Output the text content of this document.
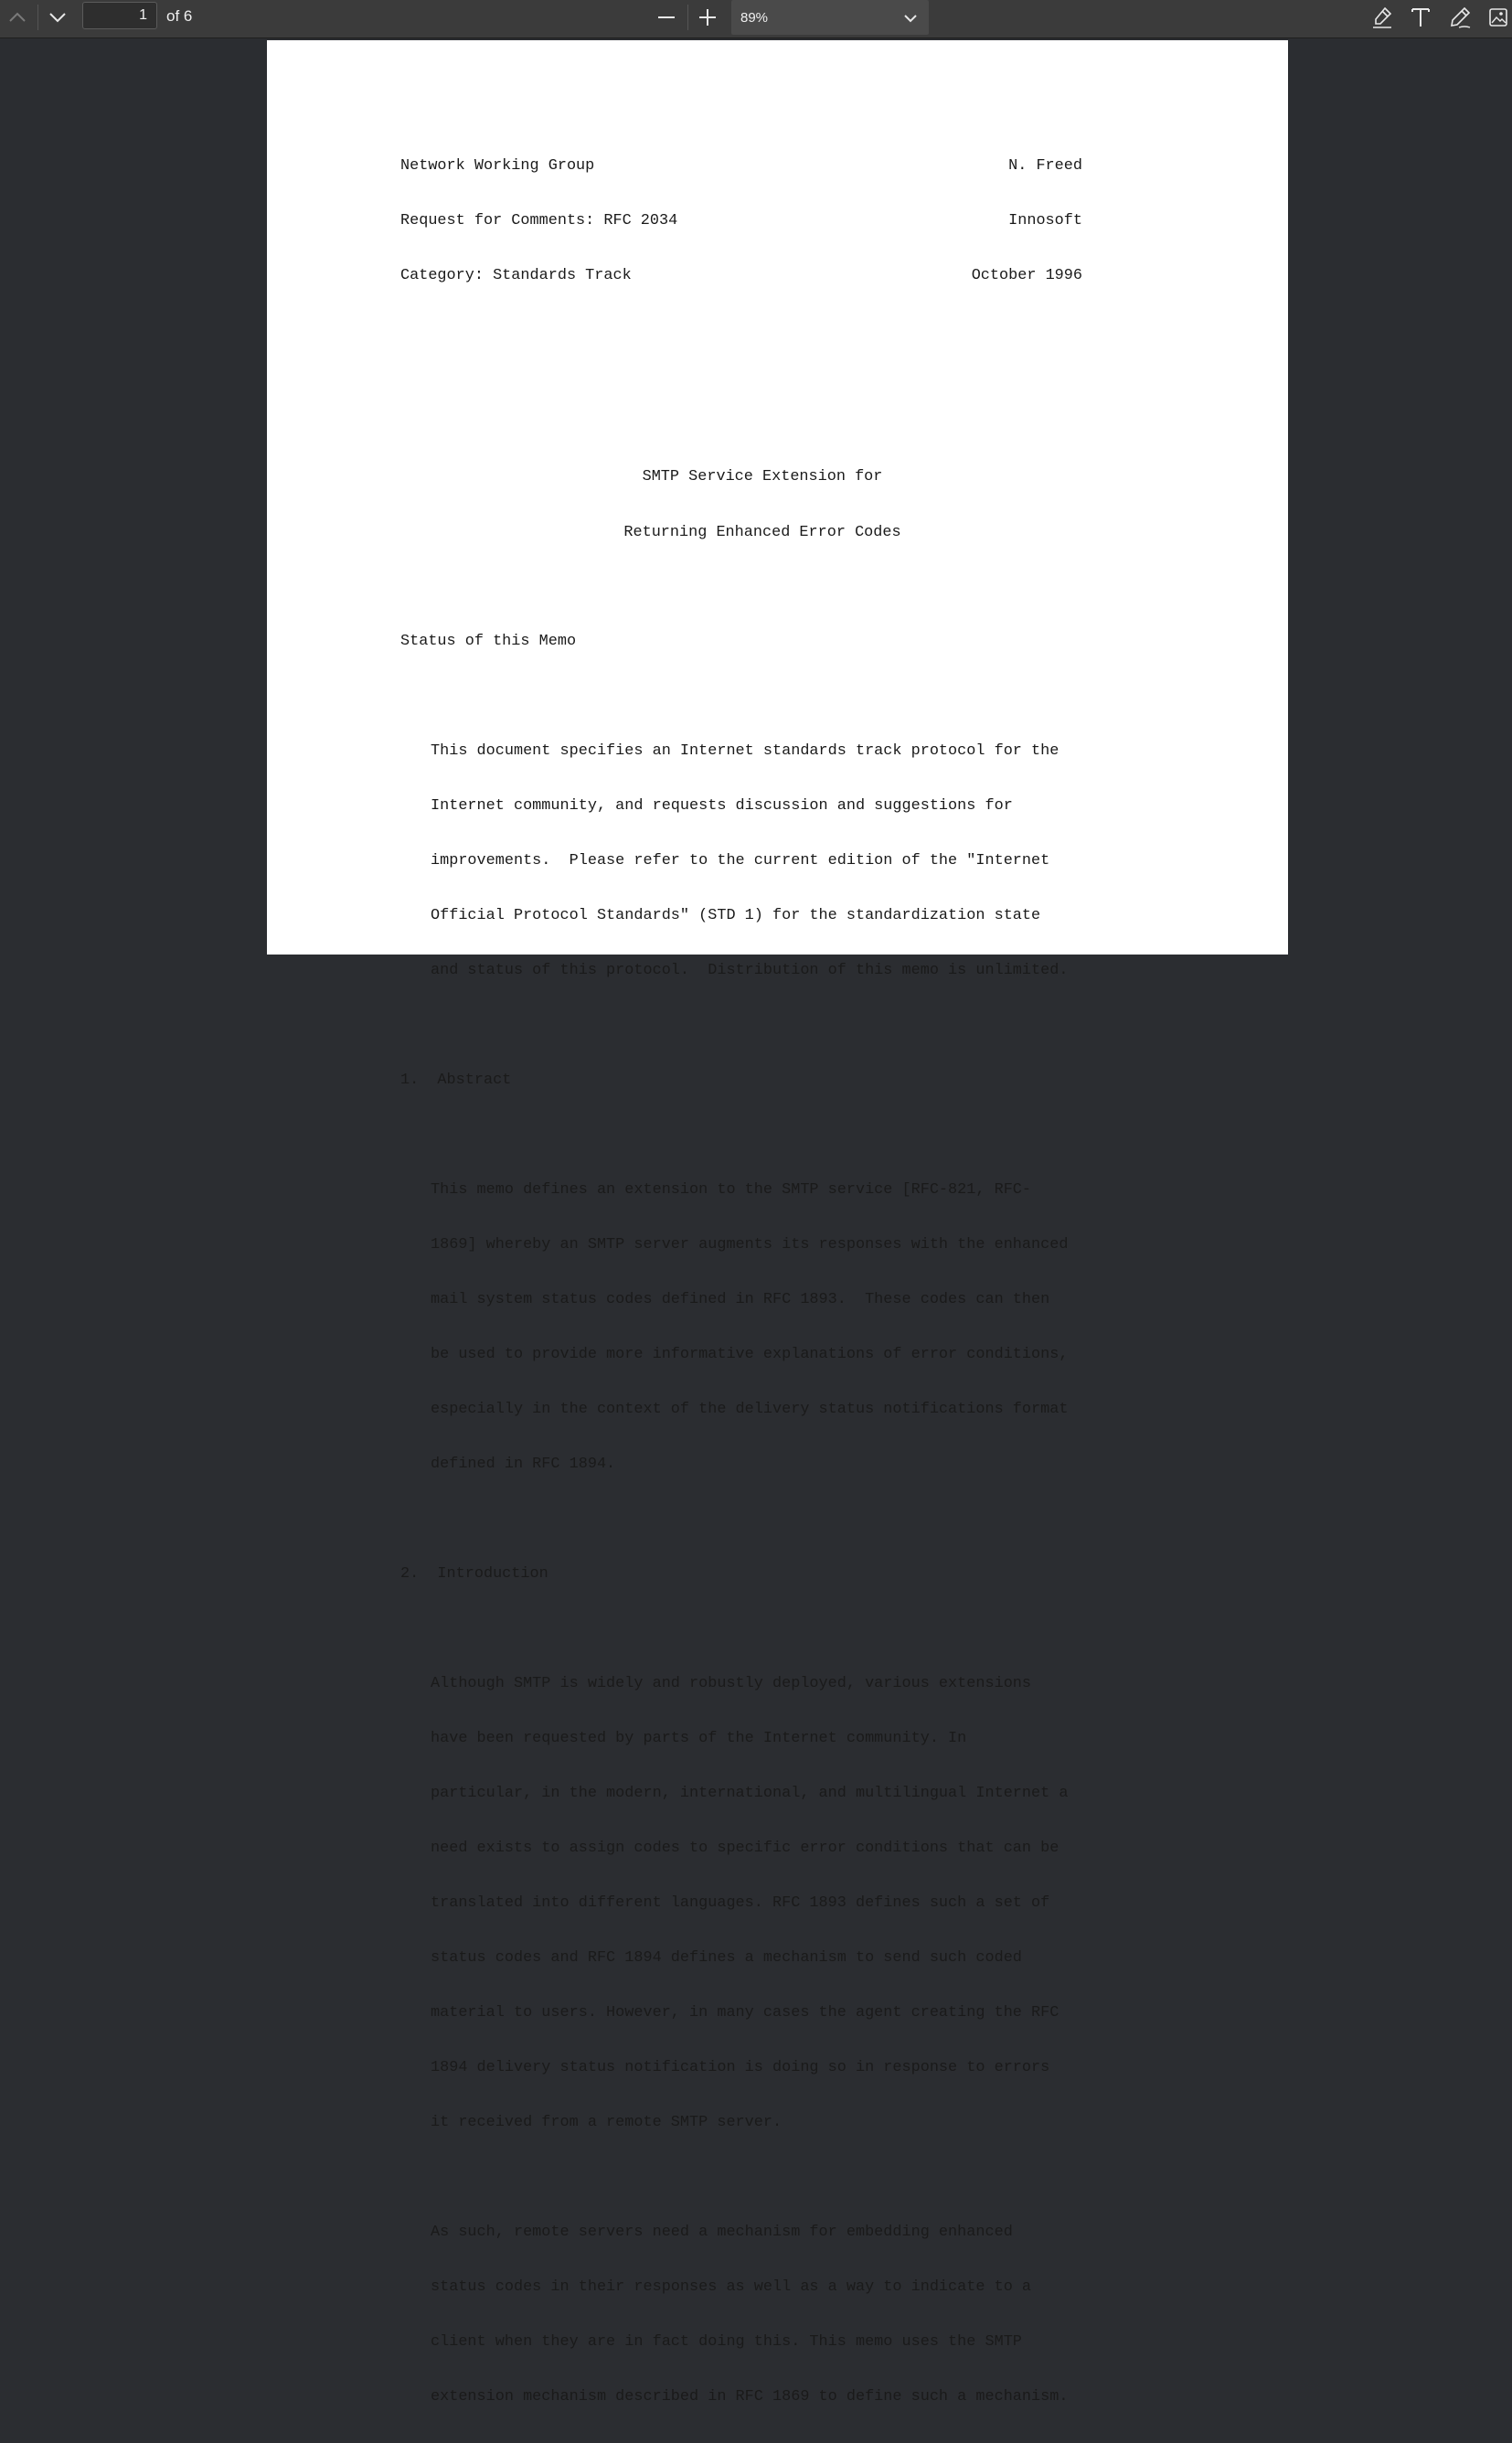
1
of 6	89%

Network Working Group	N. Freed

Request for Comments: RFC 2034	Innosoft

Category: Standards Track	October 1996

SMTP Service Extension for

Returning Enhanced Error Codes

Status of this Memo

This document specifies an Internet standards track protocol for the

Internet community, and requests discussion and suggestions for

improvements.  Please refer to the current edition of the "Internet

Official Protocol Standards" (STD 1) for the standardization state

and status of this protocol.  Distribution of this memo is unlimited.

1.  Abstract

This memo defines an extension to the SMTP service [RFC-821, RFC-

1869] whereby an SMTP server augments its responses with the enhanced

mail system status codes defined in RFC 1893.  These codes can then

be used to provide more informative explanations of error conditions,

especially in the context of the delivery status notifications format

defined in RFC 1894.

2.  Introduction

Although SMTP is widely and robustly deployed, various extensions

have been requested by parts of the Internet community. In

particular, in the modern, international, and multilingual Internet a

need exists to assign codes to specific error conditions that can be

translated into different languages. RFC 1893 defines such a set of

status codes and RFC 1894 defines a mechanism to send such coded

material to users. However, in many cases the agent creating the RFC

1894 delivery status notification is doing so in response to errors

it received from a remote SMTP server.

As such, remote servers need a mechanism for embedding enhanced

status codes in their responses as well as a way to indicate to a

client when they are in fact doing this. This memo uses the SMTP

extension mechanism described in RFC 1869 to define such a mechanism.
